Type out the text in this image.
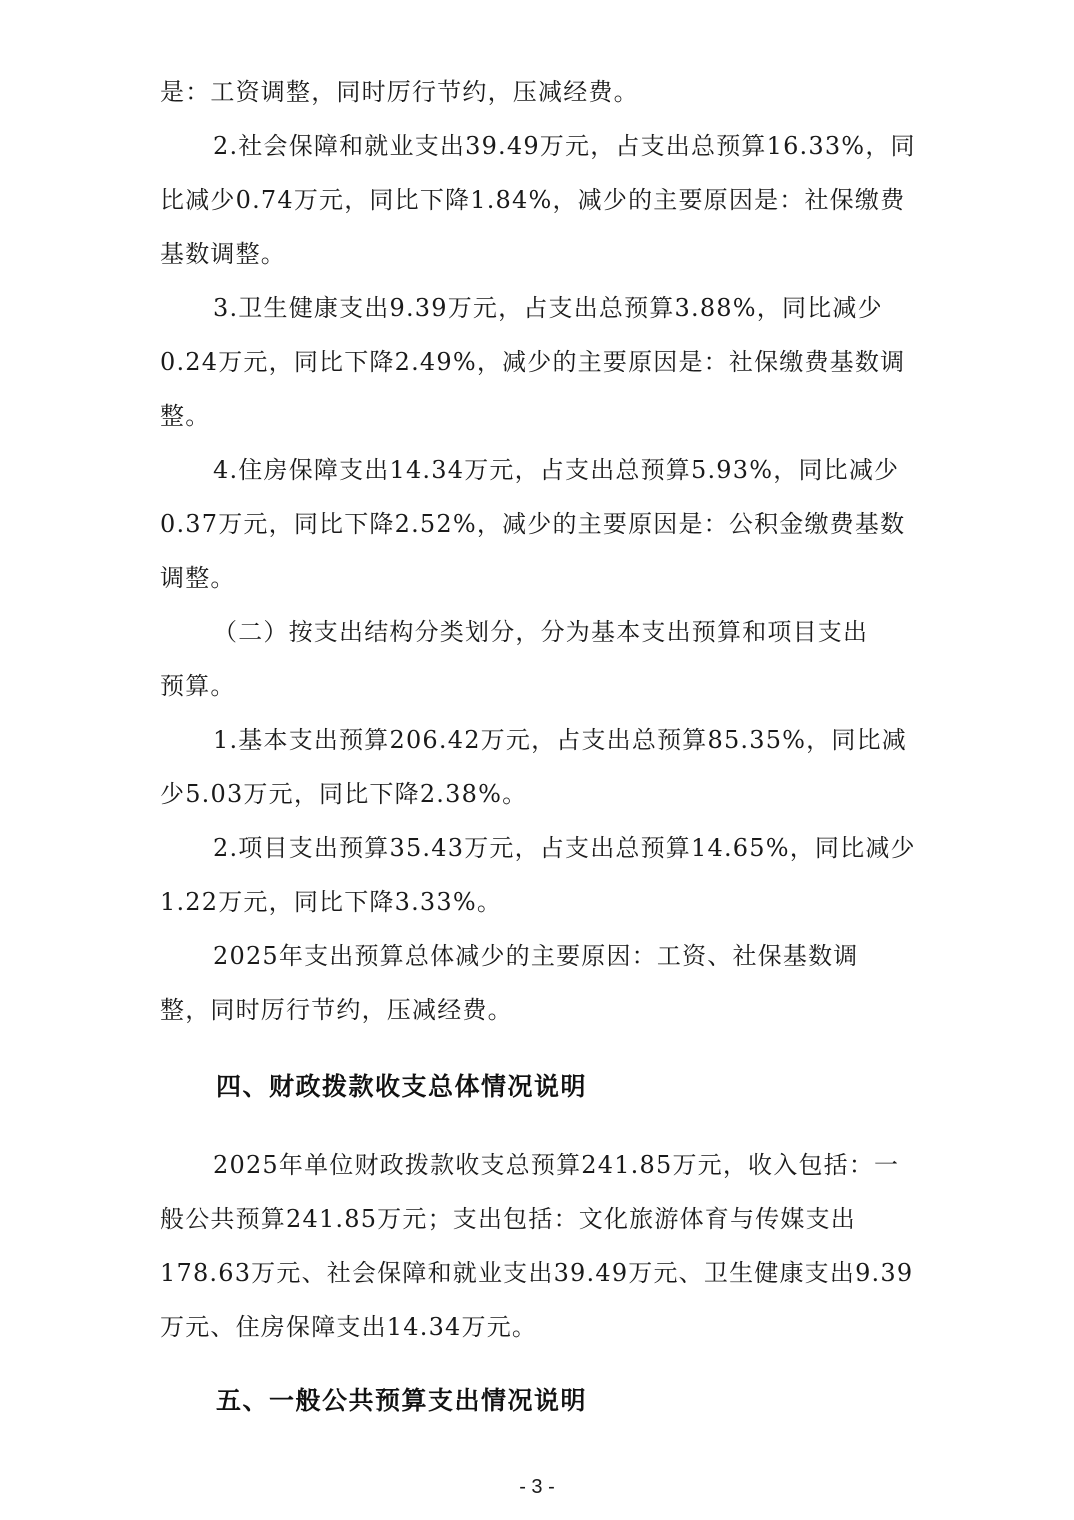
是：工资调整，同时厉行节约，压减经费。
2.社会保障和就业支出39.49万元，占支出总预算16.33%，同
比减少0.74万元，同比下降1.84%，减少的主要原因是：社保缴费
基数调整。
3.卫生健康支出9.39万元，占支出总预算3.88%，同比减少
0.24万元，同比下降2.49%，减少的主要原因是：社保缴费基数调
整。
4.住房保障支出14.34万元，占支出总预算5.93%，同比减少
0.37万元，同比下降2.52%，减少的主要原因是：公积金缴费基数
调整。
（二）按支出结构分类划分，分为基本支出预算和项目支出
预算。
1.基本支出预算206.42万元，占支出总预算85.35%，同比减
少5.03万元，同比下降2.38%。
2.项目支出预算35.43万元，占支出总预算14.65%，同比减少
1.22万元，同比下降3.33%。
2025年支出预算总体减少的主要原因：工资、社保基数调
整，同时厉行节约，压减经费。
四、财政拨款收支总体情况说明
2025年单位财政拨款收支总预算241.85万元，收入包括：一
般公共预算241.85万元；支出包括：文化旅游体育与传媒支出
178.63万元、社会保障和就业支出39.49万元、卫生健康支出9.39
万元、住房保障支出14.34万元。
五、一般公共预算支出情况说明
- 3 -
